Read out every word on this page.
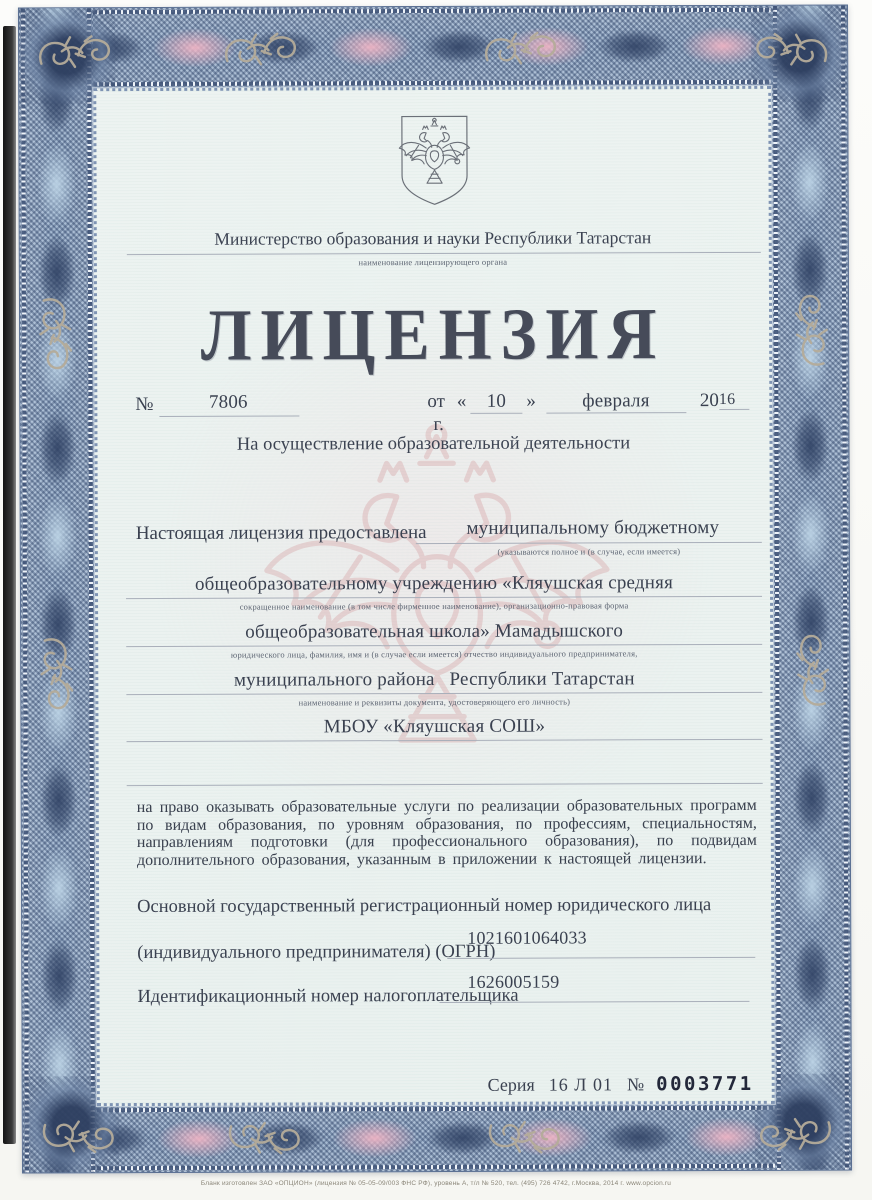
Министерство образования и науки Республики Татарстан
наименование лицензирующего органа
ЛИЦЕНЗИЯ
№	7806	от « 10 » февраля	2016 г.
На осуществление образовательной деятельности
Настоящая лицензия предоставлена	муниципальному бюджетному
(указываются полное и (в случае, если имеется)
общеобразовательному учреждению «Кляушская средняя
сокращенное наименование (в том числе фирменное наименование), организационно-правовая форма
общеобразовательная школа» Мамадышского
юридического лица, фамилия, имя и (в случае если имеется) отчество индивидуального предпринимателя,
муниципального района   Республики Татарстан
наименование и реквизиты документа, удостоверяющего его личность)
МБОУ «Кляушская СОШ»
на право оказывать образовательные услуги по реализации образовательных программ по видам образования, по уровням образования, по профессиям, специальностям, направлениям подготовки (для профессионального образования), по подвидам дополнительного образования, указанным в приложении к настоящей лицензии.
Основной государственный регистрационный номер юридического лица
(индивидуального предпринимателя) (ОГРН)
1021601064033
Идентификационный номер налогоплательщика
1626005159
Серия 16 Л 01 № 0003771
Бланк изготовлен ЗАО «ОПЦИОН» (лицензия № 05-05-09/003 ФНС РФ), уровень А, т/л № 520, тел. (495) 726 4742, г.Москва, 2014 г. www.opcion.ru
